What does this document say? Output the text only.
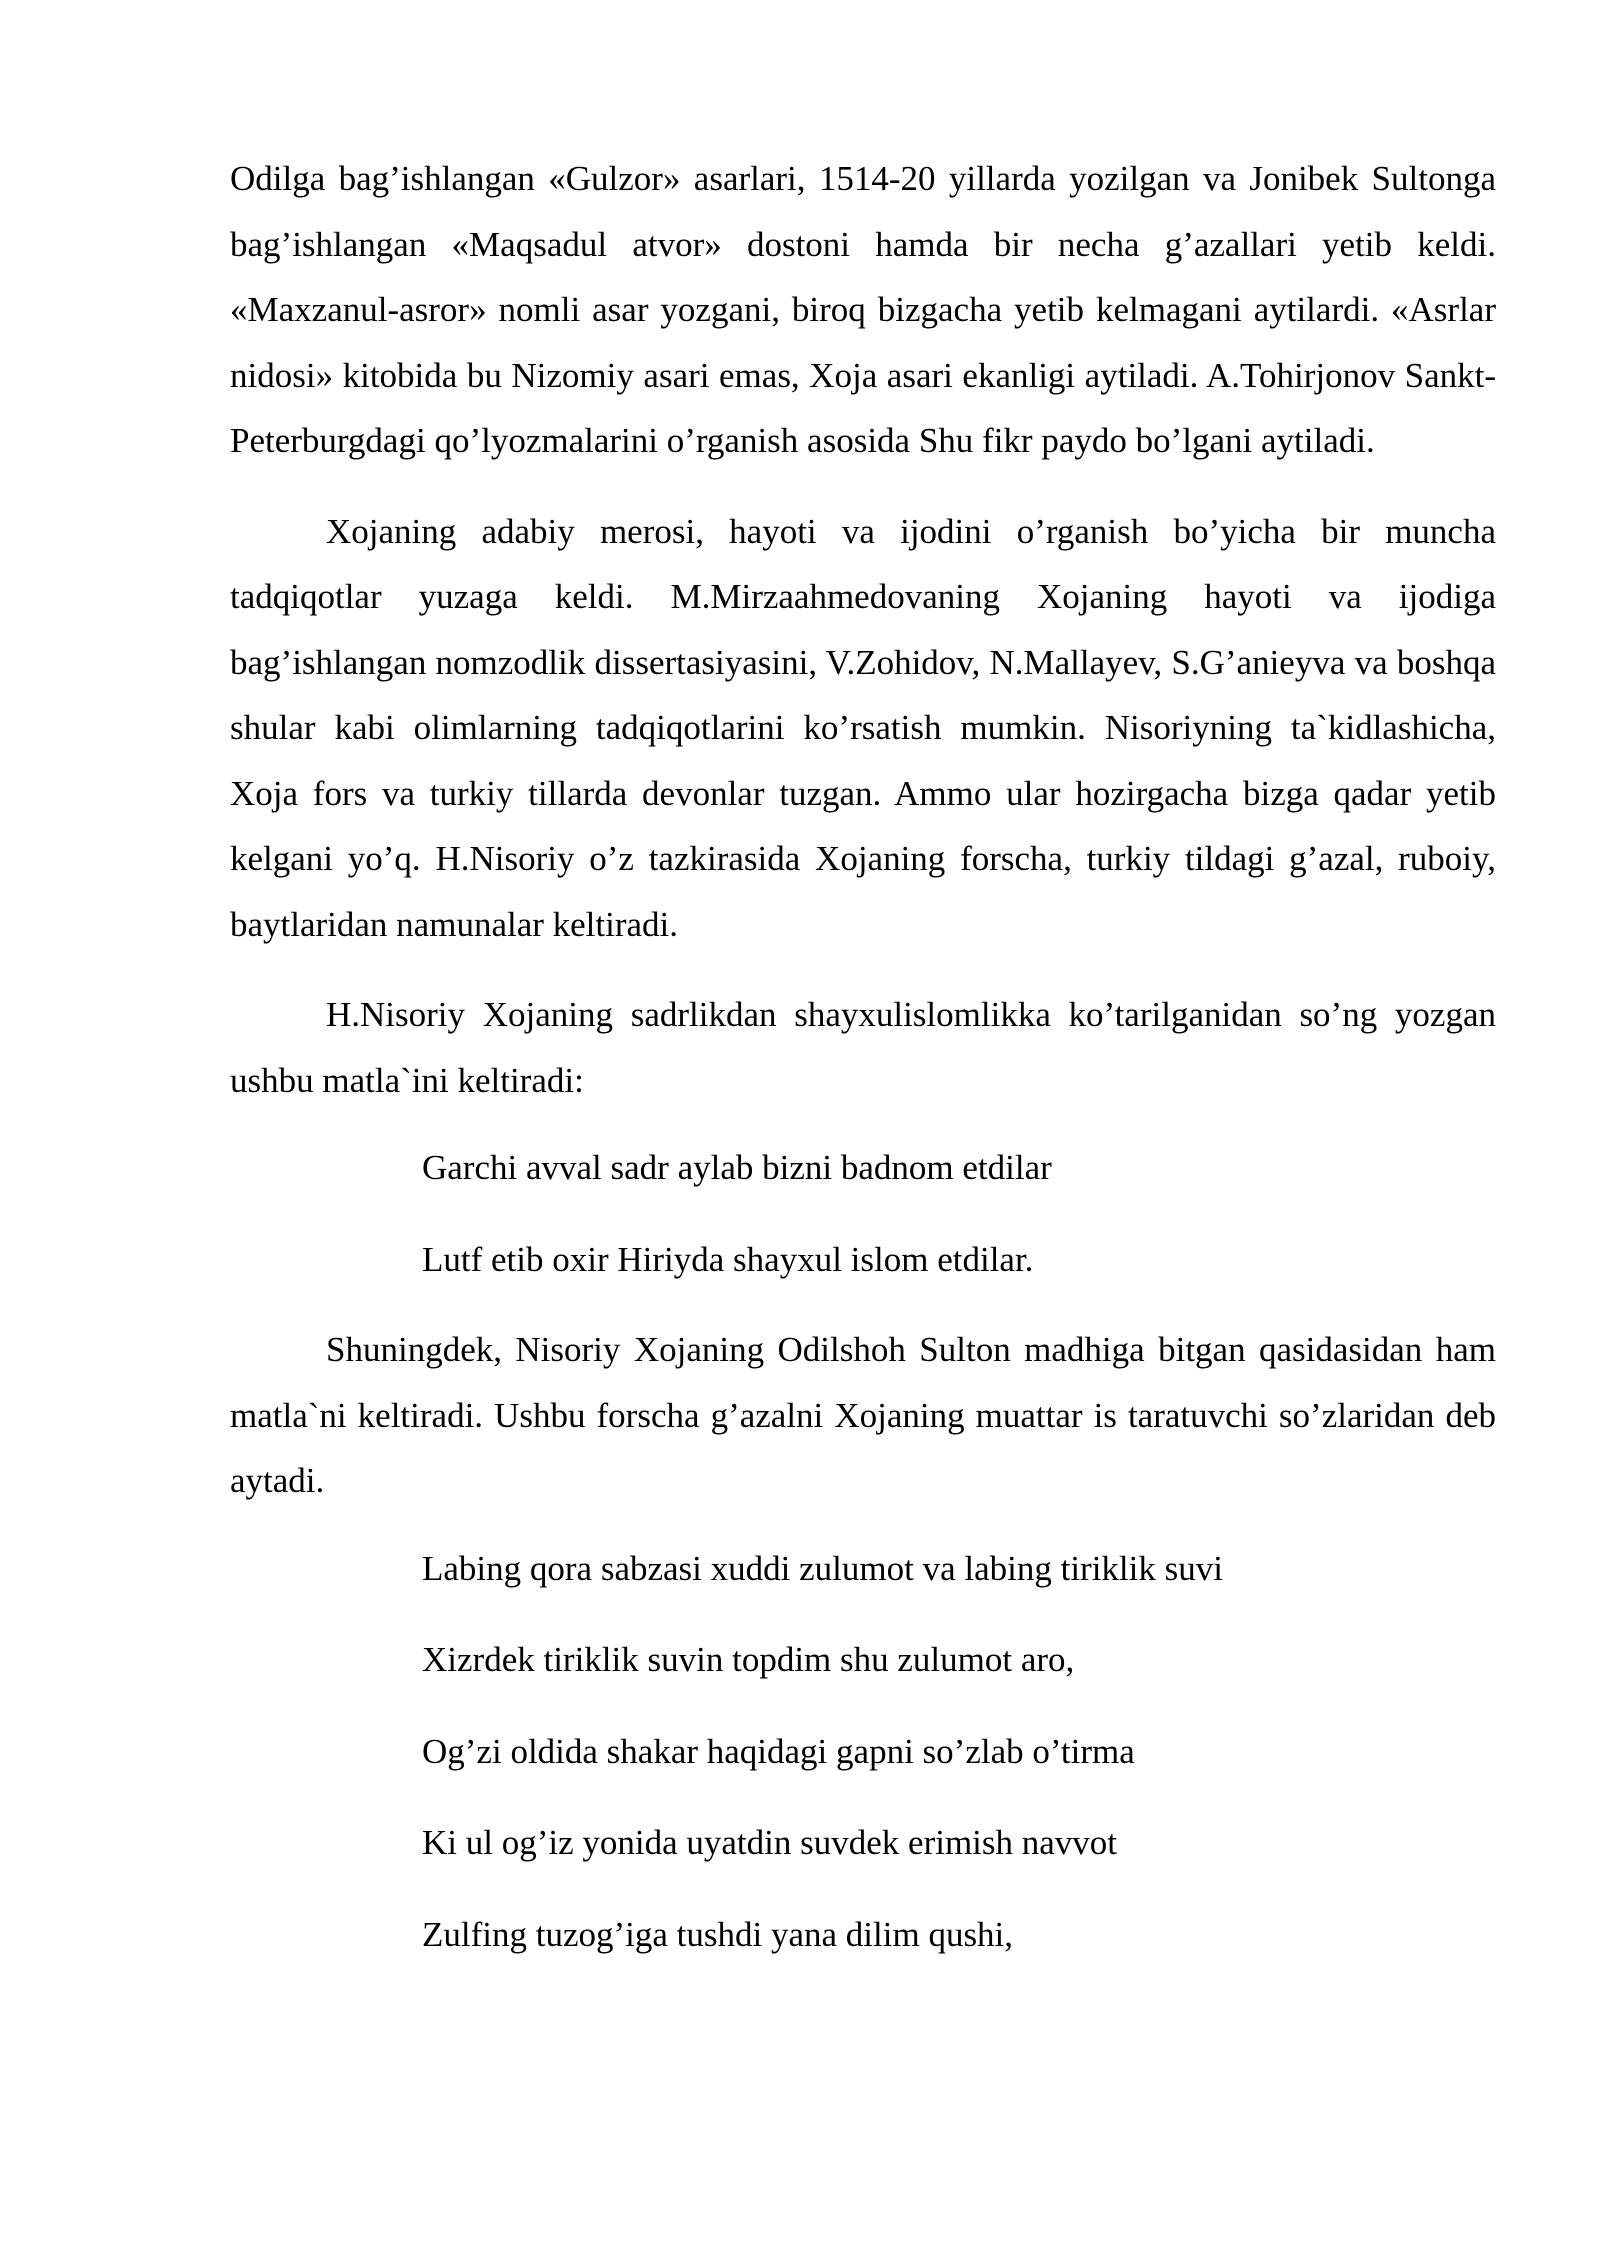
Odilga bag’ishlangan «Gulzor» asarlari, 1514-20 yillarda yozilgan va Jonibek Sultonga bag’ishlangan «Maqsadul atvor» dostoni hamda bir necha g’azallari yetib keldi. «Maxzanul-asror» nomli asar yozgani, biroq bizgacha yetib kelmagani aytilardi. «Asrlar nidosi» kitobida bu Nizomiy asari emas, Xoja asari ekanligi aytiladi. A.Tohirjonov Sankt-Peterburgdagi qo’lyozmalarini o’rganish asosida Shu fikr paydo bo’lgani aytiladi.

Xojaning adabiy merosi, hayoti va ijodini o’rganish bo’yicha bir muncha tadqiqotlar yuzaga keldi. M.Mirzaahmedovaning Xojaning hayoti va ijodiga bag’ishlangan nomzodlik dissertasiyasini, V.Zohidov, N.Mallayev, S.G’anieyva va boshqa shular kabi olimlarning tadqiqotlarini ko’rsatish mumkin. Nisoriyning ta`kidlashicha, Xoja fors va turkiy tillarda devonlar tuzgan. Ammo ular hozirgacha bizga qadar yetib kelgani yo’q. H.Nisoriy o’z tazkirasida Xojaning forscha, turkiy tildagi g’azal, ruboiy, baytlaridan namunalar keltiradi.

H.Nisoriy Xojaning sadrlikdan shayxulislomlikka ko’tarilganidan so’ng yozgan ushbu matla`ini keltiradi:

Garchi avval sadr aylab bizni badnom etdilar
Lutf etib oxir Hiriyda shayxul islom etdilar.

Shuningdek, Nisoriy Xojaning Odilshoh Sulton madhiga bitgan qasidasidan ham matla`ni keltiradi. Ushbu forscha g’azalni Xojaning muattar is taratuvchi so’zlaridan deb aytadi.

Labing qora sabzasi xuddi zulumot va labing tiriklik suvi
Xizrdek tiriklik suvin topdim shu zulumot aro,
Og’zi oldida shakar haqidagi gapni so’zlab o’tirma
Ki ul og’iz yonida uyatdin suvdek erimish navvot
Zulfing tuzog’iga tushdi yana dilim qushi,
